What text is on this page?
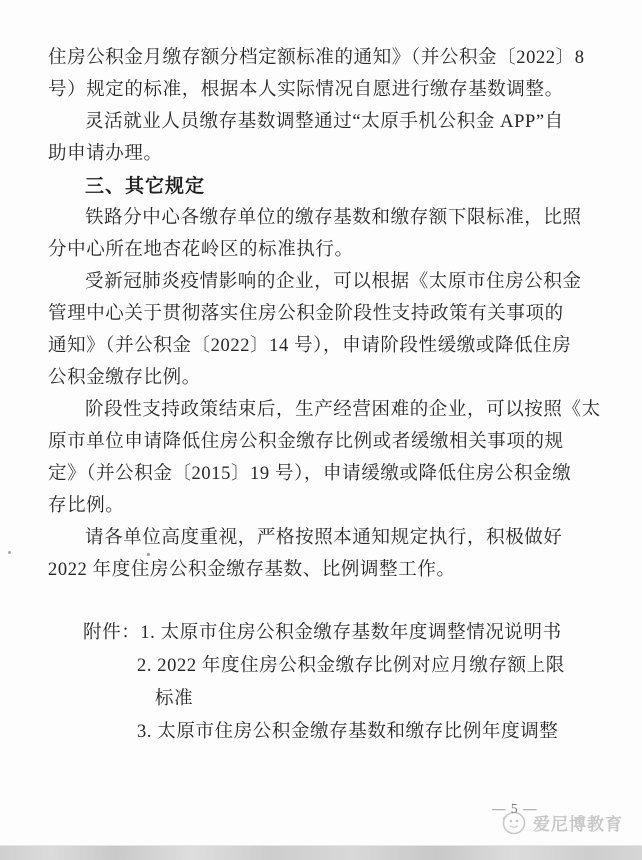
住房公积金月缴存额分档定额标准的通知》（并公积金〔2022〕8
号）规定的标准，根据本人实际情况自愿进行缴存基数调整。
灵活就业人员缴存基数调整通过“太原手机公积金 APP”自
助申请办理。
三、其它规定
铁路分中心各缴存单位的缴存基数和缴存额下限标准，比照
分中心所在地杏花岭区的标准执行。
受新冠肺炎疫情影响的企业，可以根据《太原市住房公积金
管理中心关于贯彻落实住房公积金阶段性支持政策有关事项的
通知》（并公积金〔2022〕14 号），申请阶段性缓缴或降低住房
公积金缴存比例。
阶段性支持政策结束后，生产经营困难的企业，可以按照《太
原市单位申请降低住房公积金缴存比例或者缓缴相关事项的规
定》（并公积金〔2015〕19 号），申请缓缴或降低住房公积金缴
存比例。
请各单位高度重视，严格按照本通知规定执行，积极做好
2022 年度住房公积金缴存基数、比例调整工作。
附件： 1. 太原市住房公积金缴存基数年度调整情况说明书
2. 2022 年度住房公积金缴存比例对应月缴存额上限
标准
3. 太原市住房公积金缴存基数和缴存比例年度调整
— 5 —
爱尼博教育
